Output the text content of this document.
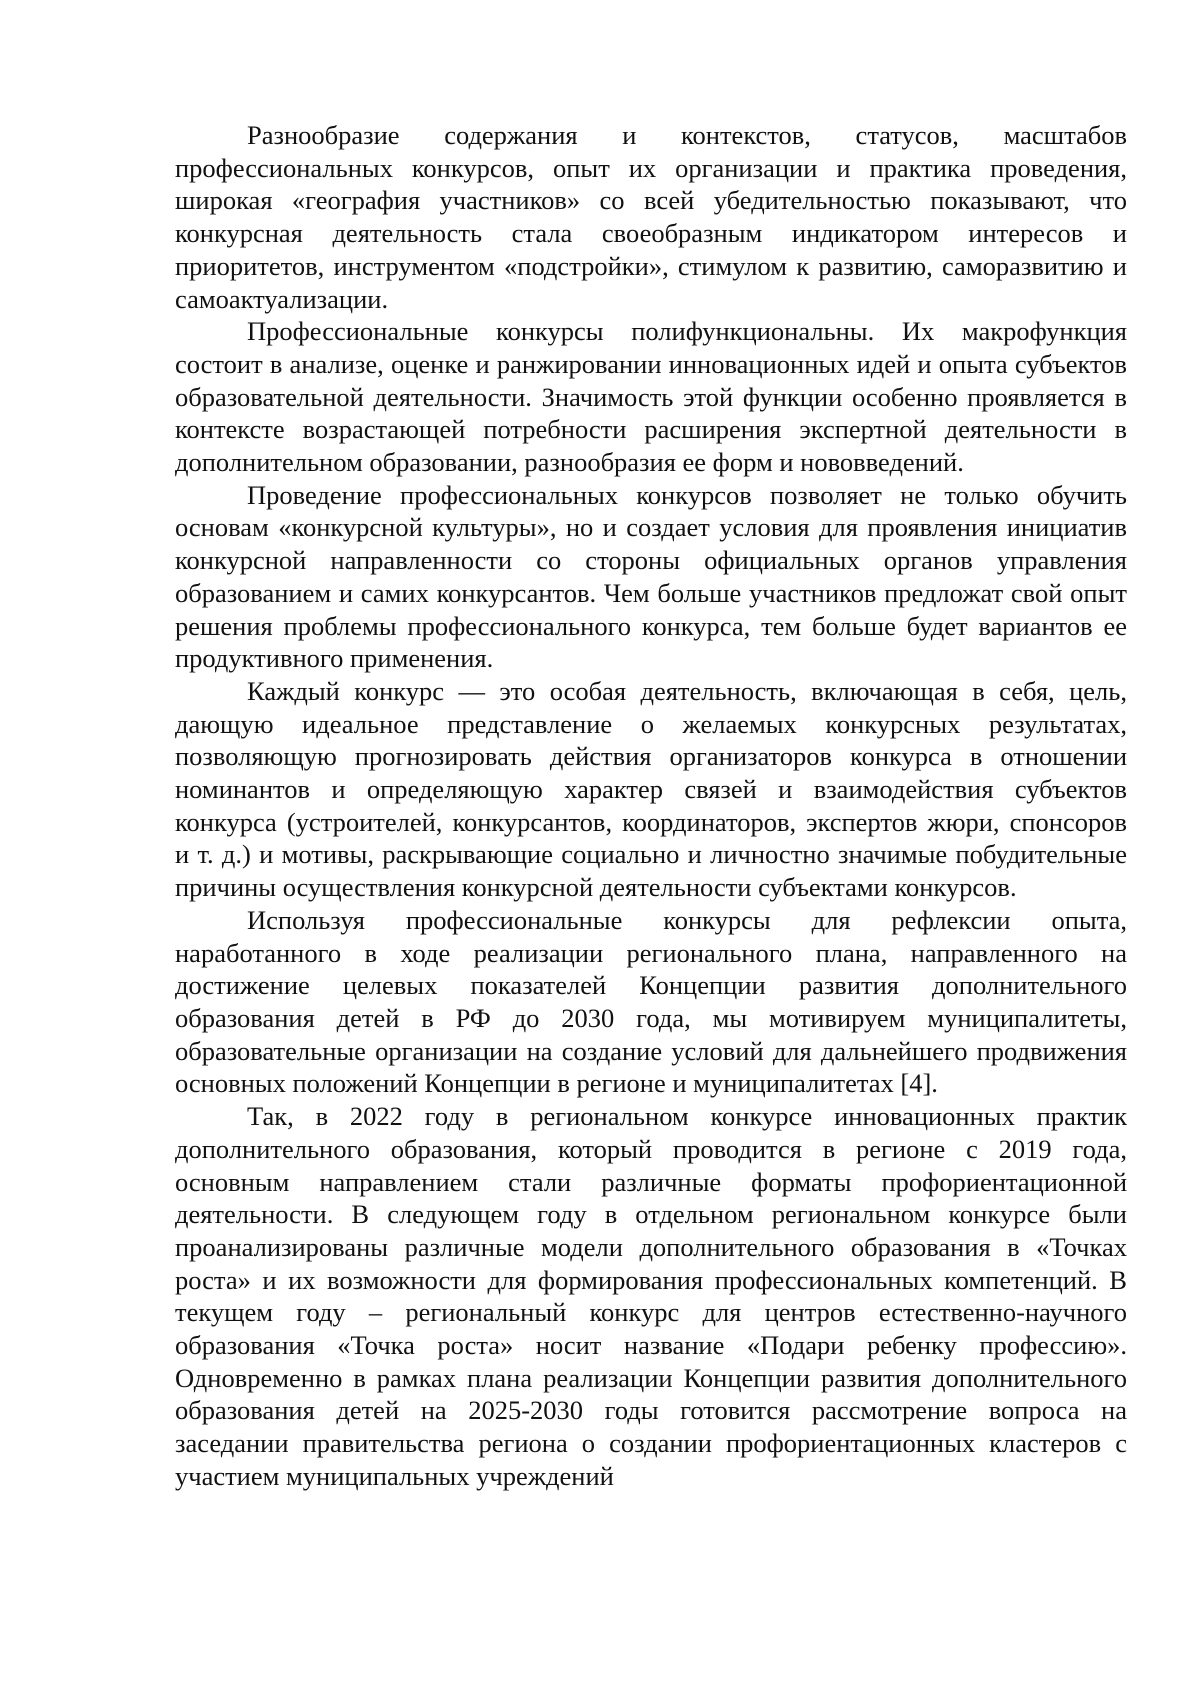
Разнообразие содержания и контекстов, статусов, масштабов профессиональных конкурсов, опыт их организации и практика проведения, широкая «география участников» со всей убедительностью показывают, что конкурсная деятельность стала своеобразным индикатором интересов и приоритетов, инструментом «подстройки», стимулом к развитию, саморазвитию и самоактуализации.

Профессиональные конкурсы полифункциональны. Их макрофункция состоит в анализе, оценке и ранжировании инновационных идей и опыта субъектов образовательной деятельности. Значимость этой функции особенно проявляется в контексте возрастающей потребности расширения экспертной деятельности в дополнительном образовании, разнообразия ее форм и нововведений.

Проведение профессиональных конкурсов позволяет не только обучить основам «конкурсной культуры», но и создает условия для проявления инициатив конкурсной направленности со стороны официальных органов управления образованием и самих конкурсантов. Чем больше участников предложат свой опыт решения проблемы профессионального конкурса, тем больше будет вариантов ее продуктивного применения.

Каждый конкурс — это особая деятельность, включающая в себя, цель, дающую идеальное представление о желаемых конкурсных результатах, позволяющую прогнозировать действия организаторов конкурса в отношении номинантов и определяющую характер связей и взаимодействия субъектов конкурса (устроителей, конкурсантов, координаторов, экспертов жюри, спонсоров и т. д.) и мотивы, раскрывающие социально и личностно значимые побудительные причины осуществления конкурсной деятельности субъектами конкурсов.

Используя профессиональные конкурсы для рефлексии опыта, наработанного в ходе реализации регионального плана, направленного на достижение целевых показателей Концепции развития дополнительного образования детей в РФ до 2030 года, мы мотивируем муниципалитеты, образовательные организации на создание условий для дальнейшего продвижения основных положений Концепции в регионе и муниципалитетах [4].

Так, в 2022 году в региональном конкурсе инновационных практик дополнительного образования, который проводится в регионе с 2019 года, основным направлением стали различные форматы профориентационной деятельности. В следующем году в отдельном региональном конкурсе были проанализированы различные модели дополнительного образования в «Точках роста» и их возможности для формирования профессиональных компетенций. В текущем году – региональный конкурс для центров естественно-научного образования «Точка роста» носит название «Подари ребенку профессию». Одновременно в рамках плана реализации Концепции развития дополнительного образования детей на 2025-2030 годы готовится рассмотрение вопроса на заседании правительства региона о создании профориентационных кластеров с участием муниципальных учреждений
